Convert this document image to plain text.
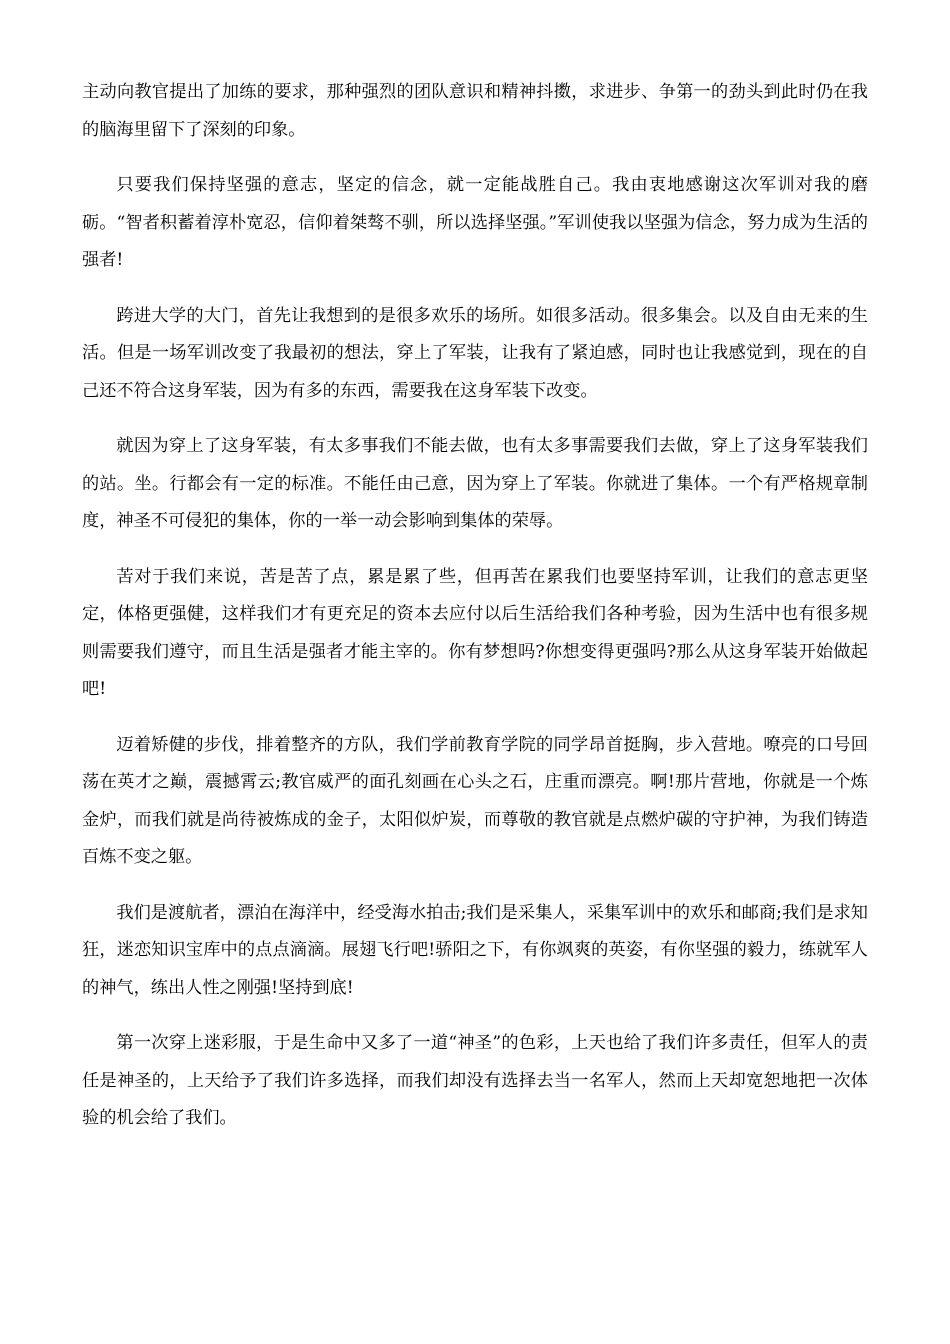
主动向教官提出了加练的要求，那种强烈的团队意识和精神抖擞，求进步、争第一的劲头到此时仍在我的脑海里留下了深刻的印象。

只要我们保持坚强的意志，坚定的信念，就一定能战胜自己。我由衷地感谢这次军训对我的磨砺。“智者积蓄着淳朴宽忍，信仰着桀骜不驯，所以选择坚强。”军训使我以坚强为信念，努力成为生活的强者!

跨进大学的大门，首先让我想到的是很多欢乐的场所。如很多活动。很多集会。以及自由无来的生活。但是一场军训改变了我最初的想法，穿上了军装，让我有了紧迫感，同时也让我感觉到，现在的自己还不符合这身军装，因为有多的东西，需要我在这身军装下改变。

就因为穿上了这身军装，有太多事我们不能去做，也有太多事需要我们去做，穿上了这身军装我们的站。坐。行都会有一定的标准。不能任由己意，因为穿上了军装。你就进了集体。一个有严格规章制度，神圣不可侵犯的集体，你的一举一动会影响到集体的荣辱。

苦对于我们来说，苦是苦了点，累是累了些，但再苦在累我们也要坚持军训，让我们的意志更坚定，体格更强健，这样我们才有更充足的资本去应付以后生活给我们各种考验，因为生活中也有很多规则需要我们遵守，而且生活是强者才能主宰的。你有梦想吗?你想变得更强吗?那么从这身军装开始做起吧!

迈着矫健的步伐，排着整齐的方队，我们学前教育学院的同学昂首挺胸，步入营地。嘹亮的口号回荡在英才之巅，震撼霄云;教官威严的面孔刻画在心头之石，庄重而漂亮。啊!那片营地，你就是一个炼金炉，而我们就是尚待被炼成的金子，太阳似炉炭，而尊敬的教官就是点燃炉碳的守护神，为我们铸造百炼不变之躯。

我们是渡航者，漂泊在海洋中，经受海水拍击;我们是采集人，采集军训中的欢乐和邮商;我们是求知狂，迷恋知识宝库中的点点滴滴。展翅飞行吧!骄阳之下，有你飒爽的英姿，有你坚强的毅力，练就军人的神气，练出人性之刚强!坚持到底!

第一次穿上迷彩服，于是生命中又多了一道“神圣”的色彩，上天也给了我们许多责任，但军人的责任是神圣的，上天给予了我们许多选择，而我们却没有选择去当一名军人，然而上天却宽恕地把一次体验的机会给了我们。
